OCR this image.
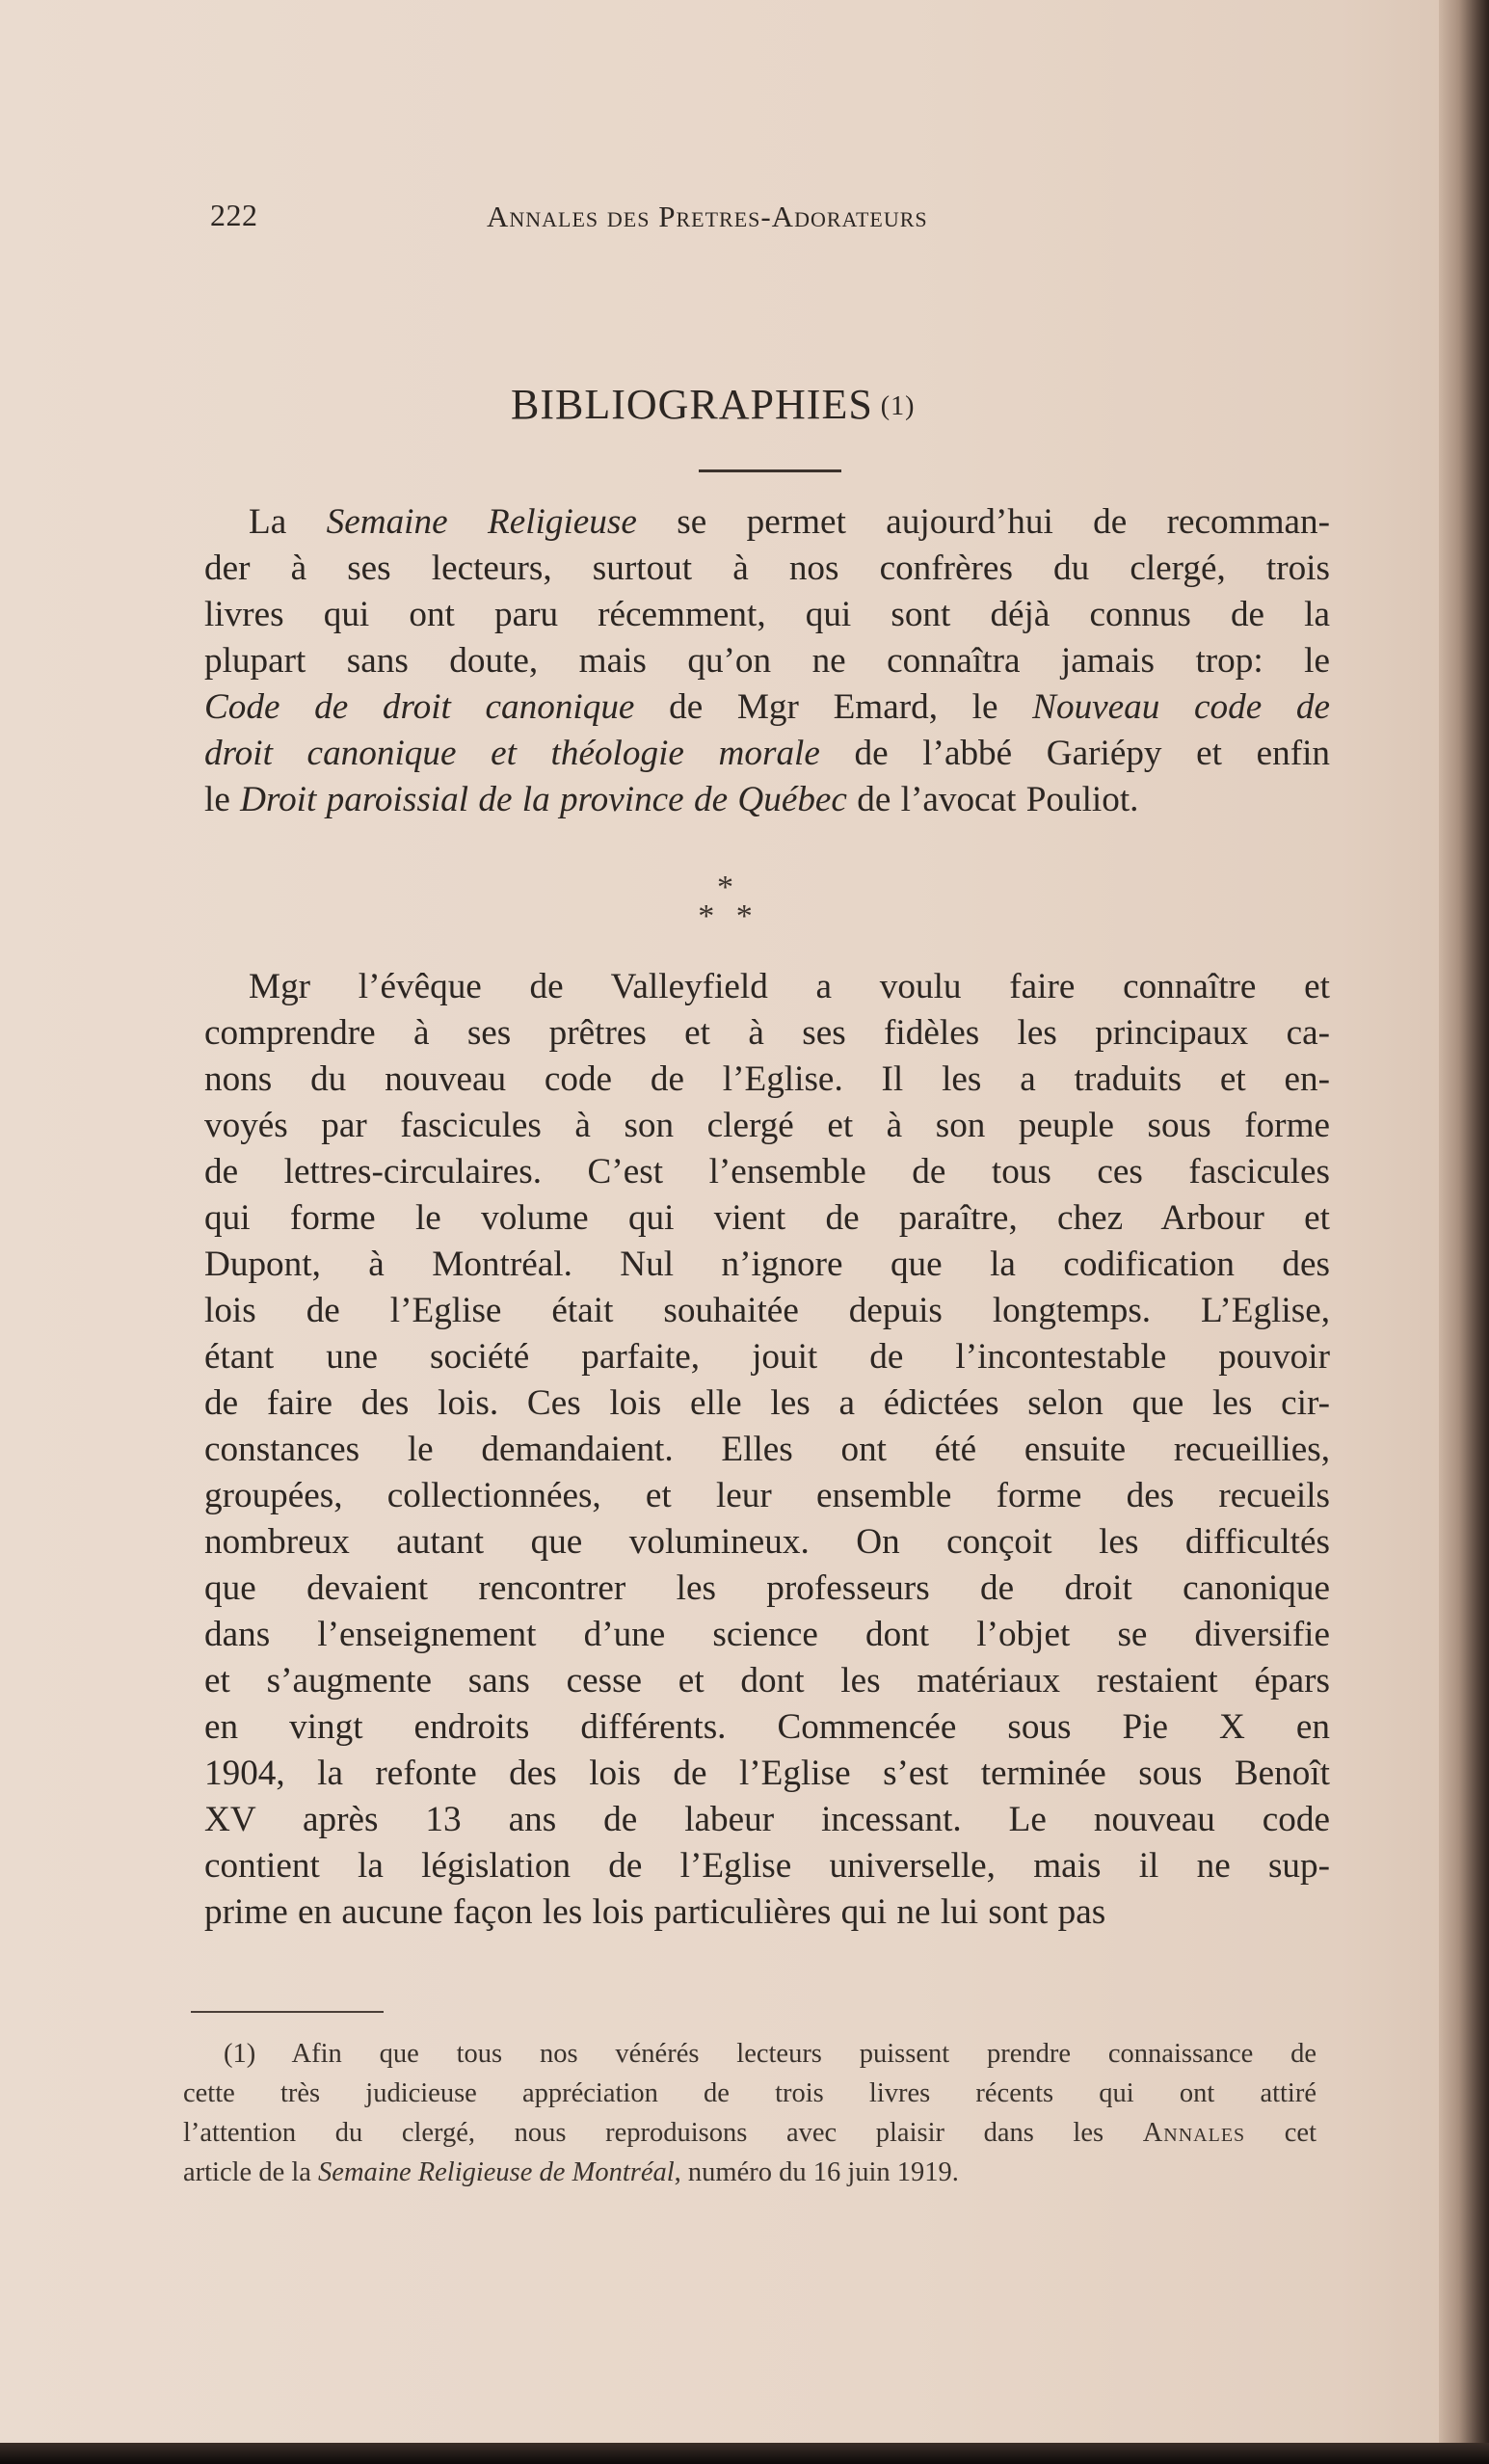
222	Annales des Pretres-Adorateurs
BIBLIOGRAPHIES (1)
La Semaine Religieuse se permet aujourd’hui de recomman-
der à ses lecteurs, surtout à nos confrères du clergé, trois
livres qui ont paru récemment, qui sont déjà connus de la
plupart sans doute, mais qu’on ne connaîtra jamais trop: le
Code de droit canonique de Mgr Emard, le Nouveau code de
droit canonique et théologie morale de l’abbé Gariépy et enfin
le Droit paroissial de la province de Québec de l’avocat Pouliot.
*
* *
Mgr l’évêque de Valleyfield a voulu faire connaître et
comprendre à ses prêtres et à ses fidèles les principaux ca-
nons du nouveau code de l’Eglise. Il les a traduits et en-
voyés par fascicules à son clergé et à son peuple sous forme
de lettres-circulaires. C’est l’ensemble de tous ces fascicules
qui forme le volume qui vient de paraître, chez Arbour et
Dupont, à Montréal. Nul n’ignore que la codification des
lois de l’Eglise était souhaitée depuis longtemps. L’Eglise,
étant une société parfaite, jouit de l’incontestable pouvoir
de faire des lois. Ces lois elle les a édictées selon que les cir-
constances le demandaient. Elles ont été ensuite recueillies,
groupées, collectionnées, et leur ensemble forme des recueils
nombreux autant que volumineux. On conçoit les difficultés
que devaient rencontrer les professeurs de droit canonique
dans l’enseignement d’une science dont l’objet se diversifie
et s’augmente sans cesse et dont les matériaux restaient épars
en vingt endroits différents. Commencée sous Pie X en
1904, la refonte des lois de l’Eglise s’est terminée sous Benoît
XV après 13 ans de labeur incessant. Le nouveau code
contient la législation de l’Eglise universelle, mais il ne sup-
prime en aucune façon les lois particulières qui ne lui sont pas
(1) Afin que tous nos vénérés lecteurs puissent prendre connaissance de
cette très judicieuse appréciation de trois livres récents qui ont attiré
l’attention du clergé, nous reproduisons avec plaisir dans les Annales cet
article de la Semaine Religieuse de Montréal, numéro du 16 juin 1919.
